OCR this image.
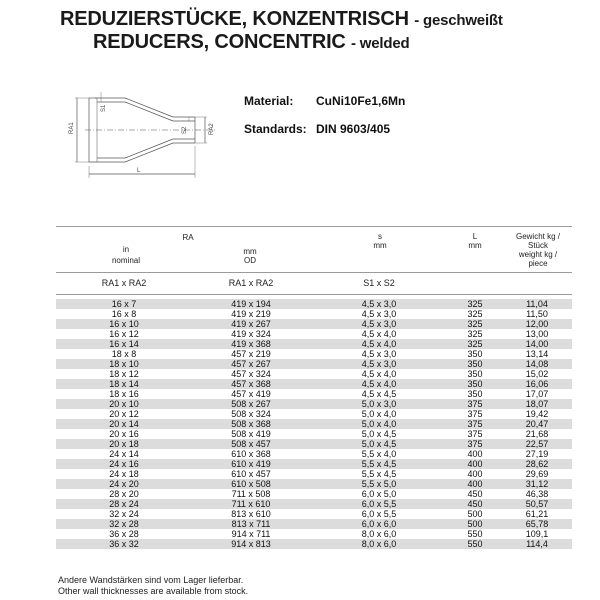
REDUZIERSTÜCKE, KONZENTRISCH - geschweißt
REDUCERS, CONCENTRIC - welded
RA1
S1
S2	RA2
L
Material: CuNi10Fe1,6Mn
Standards: DIN 9603/405
RA
in
nominal
mm
OD
s
mm
L
mm
Gewicht kg /
Stück
weight kg /
piece
RA1 x RA2	RA1 x RA2	S1 x S2
16 x 7	419 x 194	4,5 x 3,0	325	11,04
16 x 8	419 x 219	4,5 x 3,0	325	11,50
16 x 10	419 x 267	4,5 x 3,0	325	12,00
16 x 12	419 x 324	4,5 x 4,0	325	13,00
16 x 14	419 x 368	4,5 x 4,0	325	14,00
18 x 8	457 x 219	4,5 x 3,0	350	13,14
18 x 10	457 x 267	4,5 x 3,0	350	14,08
18 x 12	457 x 324	4,5 x 4,0	350	15,02
18 x 14	457 x 368	4,5 x 4,0	350	16,06
18 x 16	457 x 419	4,5 x 4,5	350	17,07
20 x 10	508 x 267	5,0 x 3,0	375	18,07
20 x 12	508 x 324	5,0 x 4,0	375	19,42
20 x 14	508 x 368	5,0 x 4,0	375	20,47
20 x 16	508 x 419	5,0 x 4,5	375	21,68
20 x 18	508 x 457	5,0 x 4,5	375	22,57
24 x 14	610 x 368	5,5 x 4,0	400	27,19
24 x 16	610 x 419	5,5 x 4,5	400	28,62
24 x 18	610 x 457	5,5 x 4,5	400	29,69
24 x 20	610 x 508	5,5 x 5,0	400	31,12
28 x 20	711 x 508	6,0 x 5,0	450	46,38
28 x 24	711 x 610	6,0 x 5,5	450	50,57
32 x 24	813 x 610	6,0 x 5,5	500	61,21
32 x 28	813 x 711	6,0 x 6,0	500	65,78
36 x 28	914 x 711	8,0 x 6,0	550	109,1
36 x 32	914 x 813	8,0 x 6,0	550	114,4
Andere Wandstärken sind vom Lager lieferbar.
Other wall thicknesses are available from stock.
